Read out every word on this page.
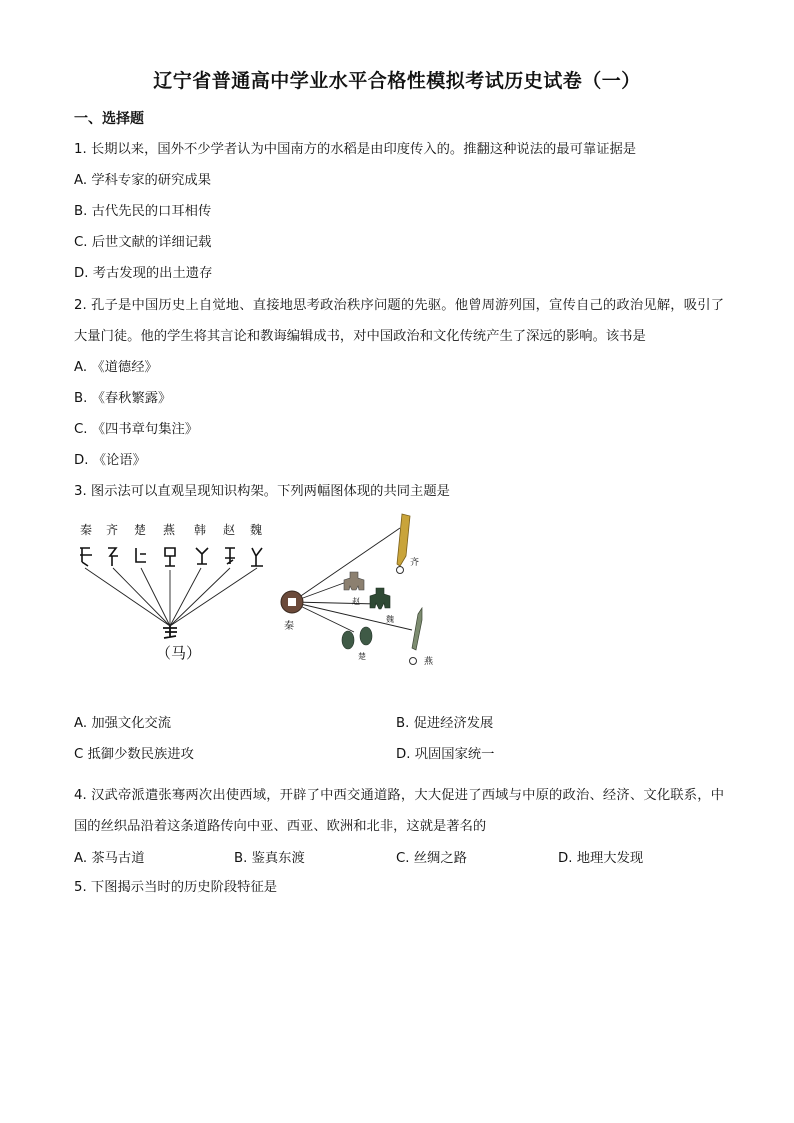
辽宁省普通高中学业水平合格性模拟考试历史试卷（一）
一、选择题
1. 长期以来，国外不少学者认为中国南方的水稻是由印度传入的。推翻这种说法的最可靠证据是
A. 学科专家的研究成果
B. 古代先民的口耳相传
C. 后世文献的详细记载
D. 考古发现的出土遗存
2. 孔子是中国历史上自觉地、直接地思考政治秩序问题的先驱。他曾周游列国，宣传自己的政治见解，吸引了大量门徒。他的学生将其言论和教诲编辑成书，对中国政治和文化传统产生了深远的影响。该书是
A. 《道德经》
B. 《春秋繁露》
C. 《四书章句集注》
D. 《论语》
3. 图示法可以直观呈现知识构架。下列两幅图体现的共同主题是
秦 齐 楚 燕 韩 赵 魏
（马）
秦
齐
赵
魏
楚
燕
A. 加强文化交流	B. 促进经济发展
C 抵御少数民族进攻	D. 巩固国家统一
4. 汉武帝派遣张骞两次出使西域，开辟了中西交通道路，大大促进了西域与中原的政治、经济、文化联系，中国的丝织品沿着这条道路传向中亚、西亚、欧洲和北非，这就是著名的
A. 茶马古道	B. 鉴真东渡	C. 丝绸之路	D. 地理大发现
5. 下图揭示当时的历史阶段特征是
